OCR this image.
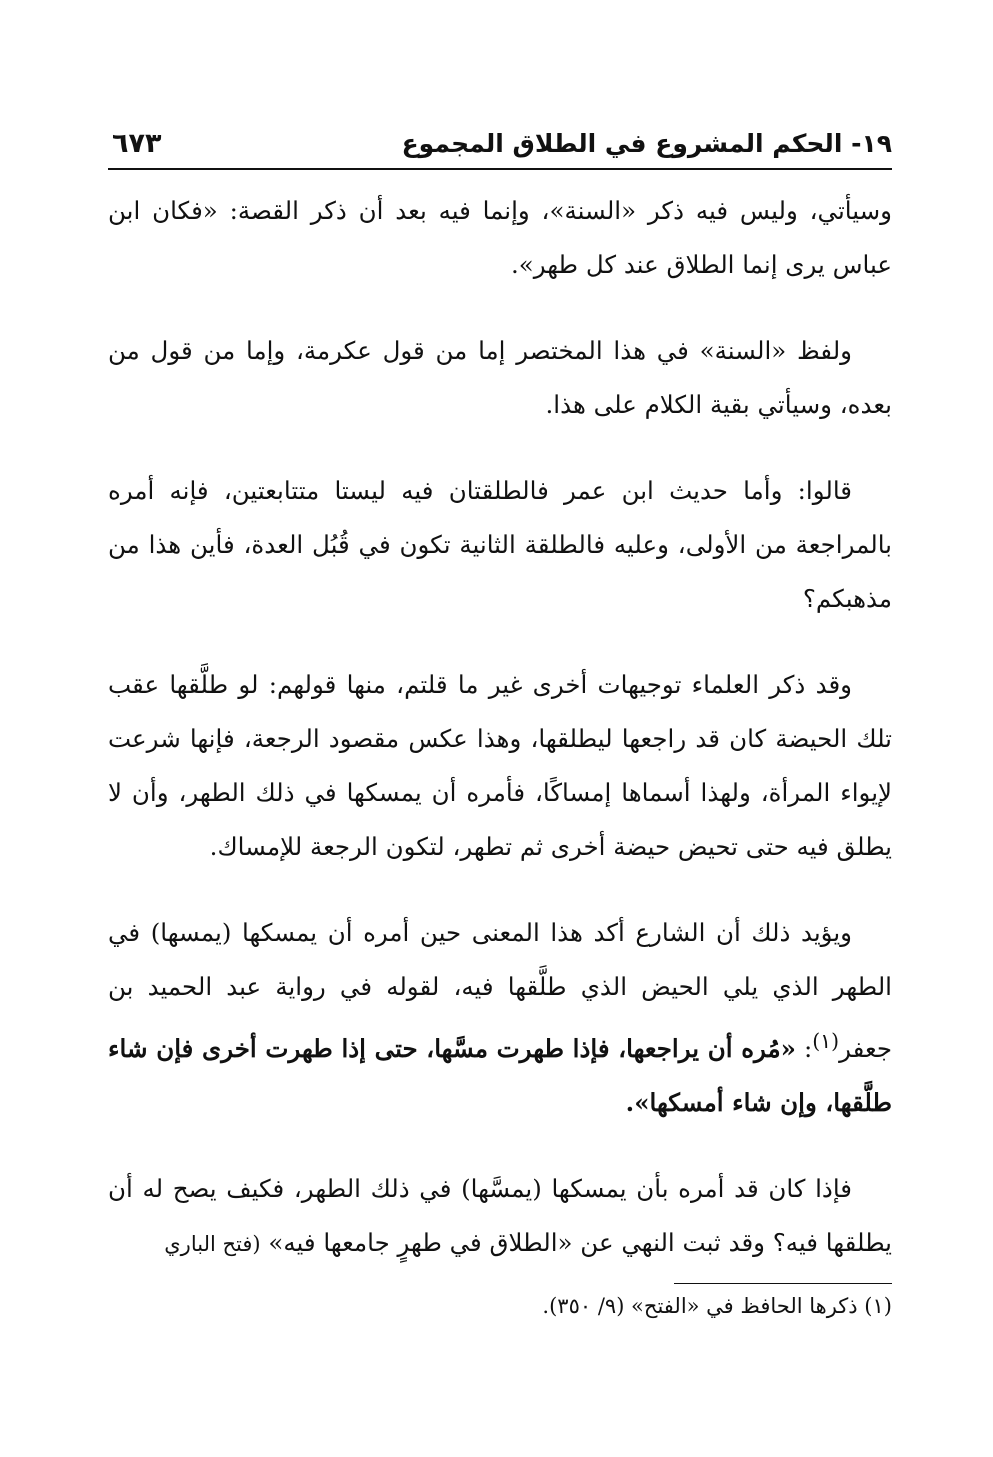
١٩- الحكم المشروع في الطلاق المجموع
٦٧٣

وسيأتي، وليس فيه ذكر «السنة»، وإنما فيه بعد أن ذكر القصة: «فكان ابن عباس يرى إنما الطلاق عند كل طهر».

ولفظ «السنة» في هذا المختصر إما من قول عكرمة، وإما من قول من بعده، وسيأتي بقية الكلام على هذا.

قالوا: وأما حديث ابن عمر فالطلقتان فيه ليستا متتابعتين، فإنه أمره بالمراجعة من الأولى، وعليه فالطلقة الثانية تكون في قُبُل العدة، فأين هذا من مذهبكم؟

وقد ذكر العلماء توجيهات أخرى غير ما قلتم، منها قولهم: لو طلَّقها عقب تلك الحيضة كان قد راجعها ليطلقها، وهذا عكس مقصود الرجعة، فإنها شرعت لإيواء المرأة، ولهذا أسماها إمساكًا، فأمره أن يمسكها في ذلك الطهر، وأن لا يطلق فيه حتى تحيض حيضة أخرى ثم تطهر، لتكون الرجعة للإمساك.

ويؤيد ذلك أن الشارع أكد هذا المعنى حين أمره أن يمسكها (يمسها) في الطهر الذي يلي الحيض الذي طلَّقها فيه، لقوله في رواية عبد الحميد بن جعفر$^{(١)}$: «مُره أن يراجعها، فإذا طهرت مسَّها، حتى إذا طهرت أخرى فإن شاء طلَّقها، وإن شاء أمسكها».

فإذا كان قد أمره بأن يمسكها (يمسَّها) في ذلك الطهر، فكيف يصح له أن يطلقها فيه؟ وقد ثبت النهي عن «الطلاق في طهرٍ جامعها فيه» (فتح الباري

(١) ذكرها الحافظ في «الفتح» (٩/ ٣٥٠).
